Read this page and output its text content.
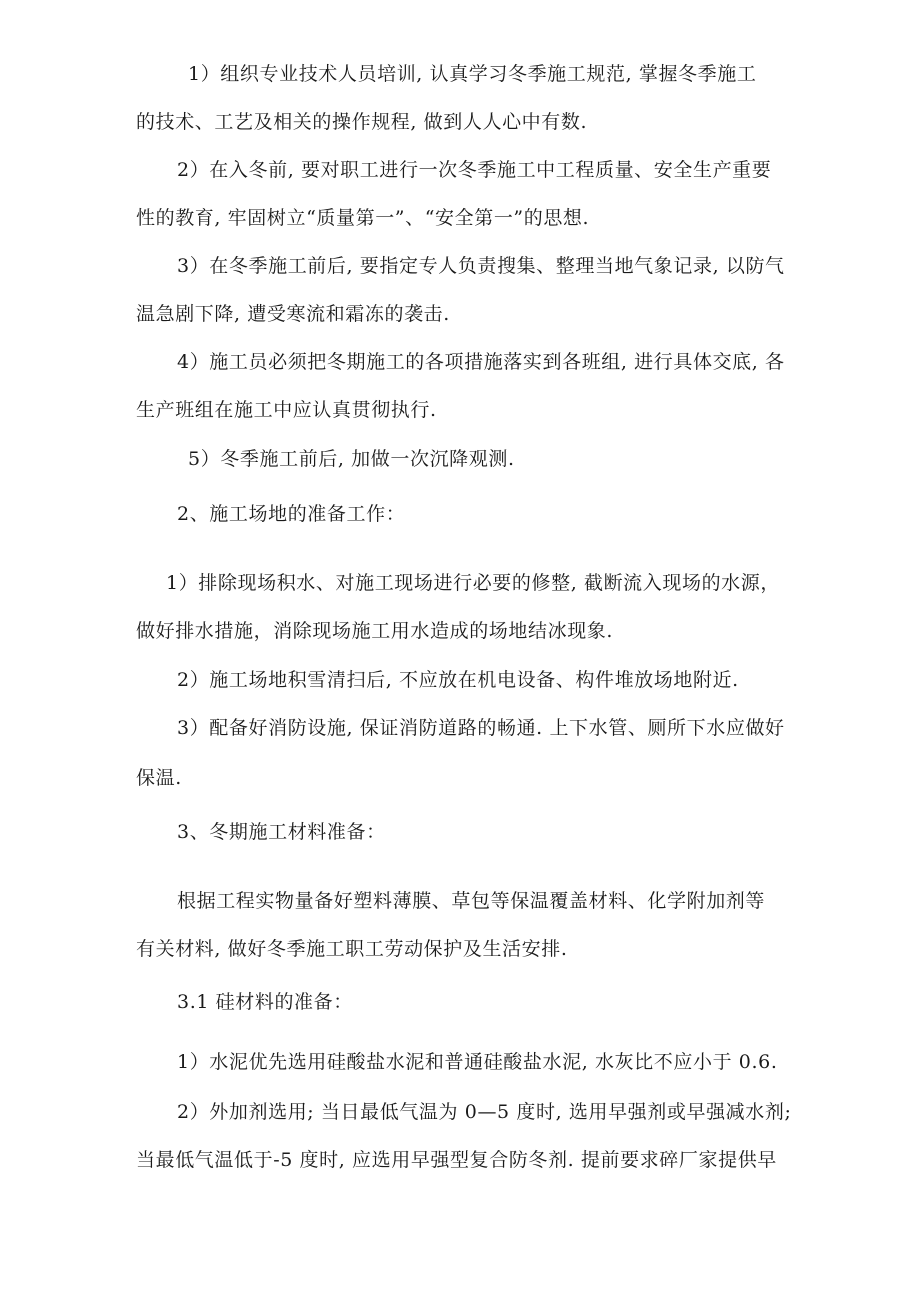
1）组织专业技术人员培训, 认真学习冬季施工规范, 掌握冬季施工
的技术、工艺及相关的操作规程, 做到人人心中有数.
2）在入冬前, 要对职工进行一次冬季施工中工程质量、安全生产重要
性的教育, 牢固树立“质量第一”、“安全第一”的思想.
3）在冬季施工前后, 要指定专人负责搜集、整理当地气象记录, 以防气
温急剧下降, 遭受寒流和霜冻的袭击.
4）施工员必须把冬期施工的各项措施落实到各班组, 进行具体交底, 各
生产班组在施工中应认真贯彻执行.
5）冬季施工前后, 加做一次沉降观测.
2、施工场地的准备工作：
1）排除现场积水、对施工现场进行必要的修整, 截断流入现场的水源，
做好排水措施，消除现场施工用水造成的场地结冰现象.
2）施工场地积雪清扫后, 不应放在机电设备、构件堆放场地附近.
3）配备好消防设施, 保证消防道路的畅通. 上下水管、厕所下水应做好
保温.
3、冬期施工材料准备：
根据工程实物量备好塑料薄膜、草包等保温覆盖材料、化学附加剂等
有关材料, 做好冬季施工职工劳动保护及生活安排.
3.1 硅材料的准备：
1）水泥优先选用硅酸盐水泥和普通硅酸盐水泥, 水灰比不应小于 0.6.
2）外加剂选用; 当日最低气温为 0—5 度时, 选用早强剂或早强减水剂;
当最低气温低于-5 度时, 应选用早强型复合防冬剂. 提前要求碎厂家提供早
